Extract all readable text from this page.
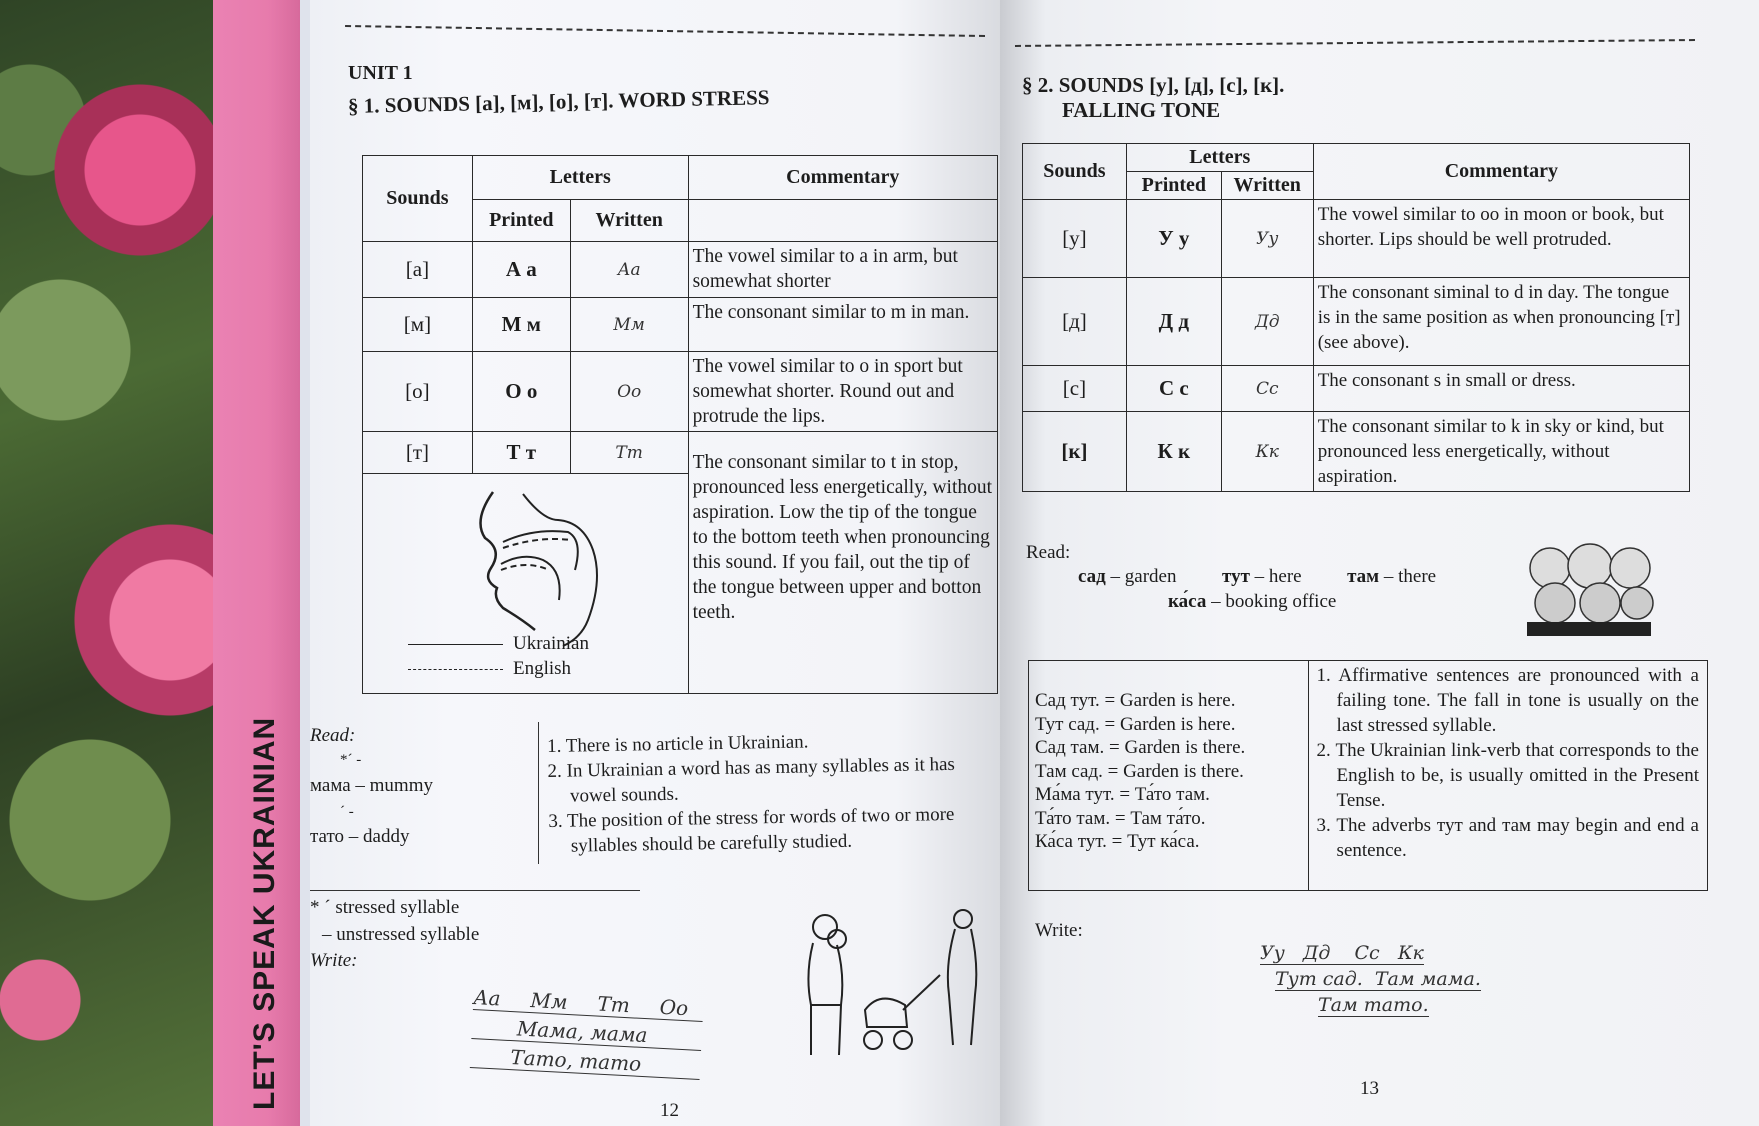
LET'S SPEAK UKRAINIAN
UNIT 1
§ 1. SOUNDS [а], [м], [о], [т]. WORD STRESS
Sounds	Letters		Commentary
	Printed	Written	
[а]	А а	Аа	The vowel similar to a in arm, but somewhat shorter
[м]	М м	Мм	The consonant similar to m in man.
[о]	О о	Оо	The vowel similar to o in sport but somewhat shorter. Round out and protrude the lips.
[т]	Т т	Тт	The consonant similar to t in stop, pronounced less energetically, without aspiration. Low the tip of the tongue to the bottom teeth when pronouncing this sound. If you fail, out the tip of the tongue between upper and botton teeth.

Ukrainian
English			
Read:
*ˊ -
мама – mummy
ˊ -
тато – daddy
1. There is no article in Ukrainian.
2. In Ukrainian a word has as many syllables as it has vowel sounds.
3. The position of the stress for words of two or more syllables should be carefully studied.
* ˊ stressed syllable
– unstressed syllable
Write:
Аа Мм Тт Оо
Мама, мама
Тато, тато
12
§ 2. SOUNDS [у], [д], [с], [к].
FALLING TONE
Sounds	Letters		Commentary
	Printed	Written	
[у]	У у	Уу	The vowel similar to oo in moon or book, but shorter. Lips should be well protruded.
[д]	Д д	Дд	The consonant siminal to d in day. The tongue is in the same position as when pronouncing [т] (see above).
[с]	С с	Сс	The consonant s in small or dress.
[к]	К к	Кк	The consonant similar to k in sky or kind, but pronounced less energetically, without aspiration.
Read:
сад – garden тут – here там – there
ка́са – booking office
Сад тут. = Garden is here.
Тут сад. = Garden is here.
Сад там. = Garden is there.
Там сад. = Garden is there.
Ма́ма тут. = Та́то там.
Та́то там. = Там та́то.
Ка́са тут. = Тут ка́са.

1. Affirmative sentences are pronounced with a failing tone. The fall in tone is usually on the last stressed syllable.
2. The Ukrainian link-verb that corresponds to the English to be, is usually omitted in the Present Tense.
3. The adverbs тут and там may begin and end a sentence.
Write:
Уу   Дд    Сс   Кк
Тут сад.  Там мама.
Там тато.
13
